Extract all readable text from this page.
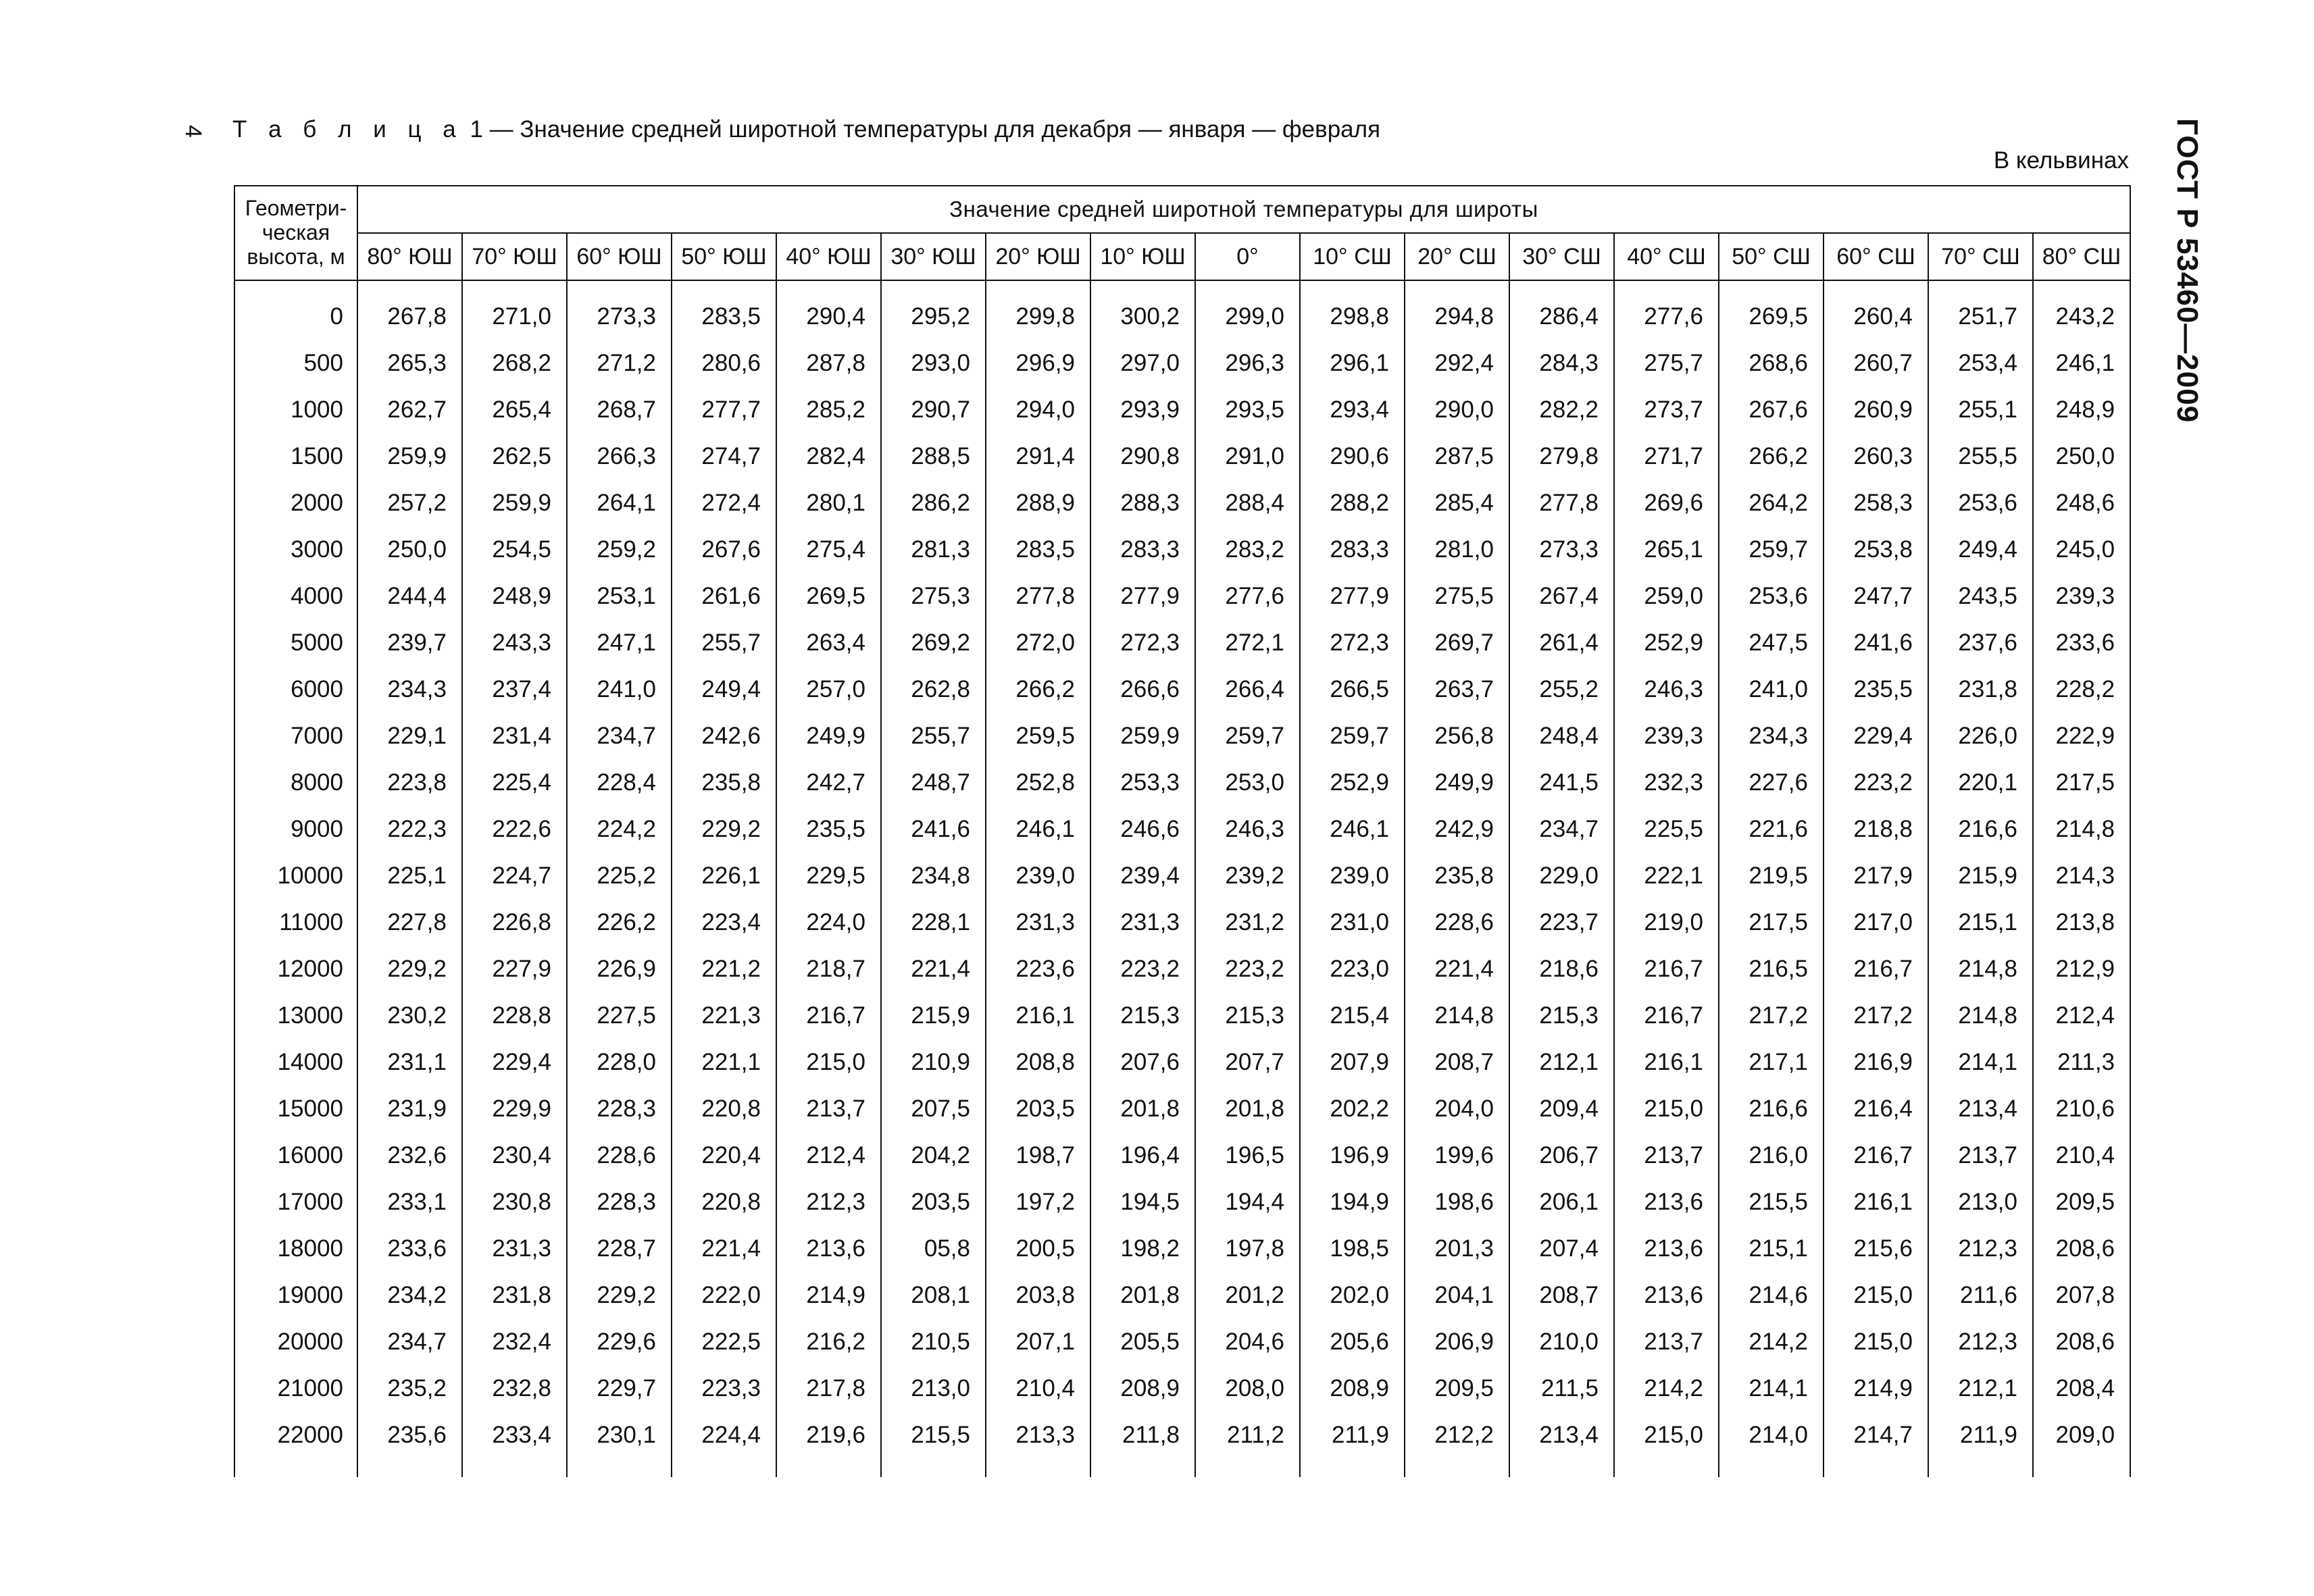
4 Т а б л и ц а 1 — Значение средней широтной температуры для декабря — января — февраля
В кельвинах ГОСТ Р 53460—2009
Геометри-
ческая
высота, м	Значение средней широтной температуры для широты																
	80° ЮШ	70° ЮШ	60° ЮШ	50° ЮШ	40° ЮШ	30° ЮШ	20° ЮШ	10° ЮШ	0°	10° СШ	20° СШ	30° СШ	40° СШ	50° СШ	60° СШ	70° СШ	80° СШ

0	267,8	271,0	273,3	283,5	290,4	295,2	299,8	300,2	299,0	298,8	294,8	286,4	277,6	269,5	260,4	251,7	243,2
500	265,3	268,2	271,2	280,6	287,8	293,0	296,9	297,0	296,3	296,1	292,4	284,3	275,7	268,6	260,7	253,4	246,1
1000	262,7	265,4	268,7	277,7	285,2	290,7	294,0	293,9	293,5	293,4	290,0	282,2	273,7	267,6	260,9	255,1	248,9
1500	259,9	262,5	266,3	274,7	282,4	288,5	291,4	290,8	291,0	290,6	287,5	279,8	271,7	266,2	260,3	255,5	250,0
2000	257,2	259,9	264,1	272,4	280,1	286,2	288,9	288,3	288,4	288,2	285,4	277,8	269,6	264,2	258,3	253,6	248,6
3000	250,0	254,5	259,2	267,6	275,4	281,3	283,5	283,3	283,2	283,3	281,0	273,3	265,1	259,7	253,8	249,4	245,0
4000	244,4	248,9	253,1	261,6	269,5	275,3	277,8	277,9	277,6	277,9	275,5	267,4	259,0	253,6	247,7	243,5	239,3
5000	239,7	243,3	247,1	255,7	263,4	269,2	272,0	272,3	272,1	272,3	269,7	261,4	252,9	247,5	241,6	237,6	233,6
6000	234,3	237,4	241,0	249,4	257,0	262,8	266,2	266,6	266,4	266,5	263,7	255,2	246,3	241,0	235,5	231,8	228,2
7000	229,1	231,4	234,7	242,6	249,9	255,7	259,5	259,9	259,7	259,7	256,8	248,4	239,3	234,3	229,4	226,0	222,9
8000	223,8	225,4	228,4	235,8	242,7	248,7	252,8	253,3	253,0	252,9	249,9	241,5	232,3	227,6	223,2	220,1	217,5
9000	222,3	222,6	224,2	229,2	235,5	241,6	246,1	246,6	246,3	246,1	242,9	234,7	225,5	221,6	218,8	216,6	214,8
10000	225,1	224,7	225,2	226,1	229,5	234,8	239,0	239,4	239,2	239,0	235,8	229,0	222,1	219,5	217,9	215,9	214,3
11000	227,8	226,8	226,2	223,4	224,0	228,1	231,3	231,3	231,2	231,0	228,6	223,7	219,0	217,5	217,0	215,1	213,8
12000	229,2	227,9	226,9	221,2	218,7	221,4	223,6	223,2	223,2	223,0	221,4	218,6	216,7	216,5	216,7	214,8	212,9
13000	230,2	228,8	227,5	221,3	216,7	215,9	216,1	215,3	215,3	215,4	214,8	215,3	216,7	217,2	217,2	214,8	212,4
14000	231,1	229,4	228,0	221,1	215,0	210,9	208,8	207,6	207,7	207,9	208,7	212,1	216,1	217,1	216,9	214,1	211,3
15000	231,9	229,9	228,3	220,8	213,7	207,5	203,5	201,8	201,8	202,2	204,0	209,4	215,0	216,6	216,4	213,4	210,6
16000	232,6	230,4	228,6	220,4	212,4	204,2	198,7	196,4	196,5	196,9	199,6	206,7	213,7	216,0	216,7	213,7	210,4
17000	233,1	230,8	228,3	220,8	212,3	203,5	197,2	194,5	194,4	194,9	198,6	206,1	213,6	215,5	216,1	213,0	209,5
18000	233,6	231,3	228,7	221,4	213,6	05,8	200,5	198,2	197,8	198,5	201,3	207,4	213,6	215,1	215,6	212,3	208,6
19000	234,2	231,8	229,2	222,0	214,9	208,1	203,8	201,8	201,2	202,0	204,1	208,7	213,6	214,6	215,0	211,6	207,8
20000	234,7	232,4	229,6	222,5	216,2	210,5	207,1	205,5	204,6	205,6	206,9	210,0	213,7	214,2	215,0	212,3	208,6
21000	235,2	232,8	229,7	223,3	217,8	213,0	210,4	208,9	208,0	208,9	209,5	211,5	214,2	214,1	214,9	212,1	208,4
22000	235,6	233,4	230,1	224,4	219,6	215,5	213,3	211,8	211,2	211,9	212,2	213,4	215,0	214,0	214,7	211,9	209,0
